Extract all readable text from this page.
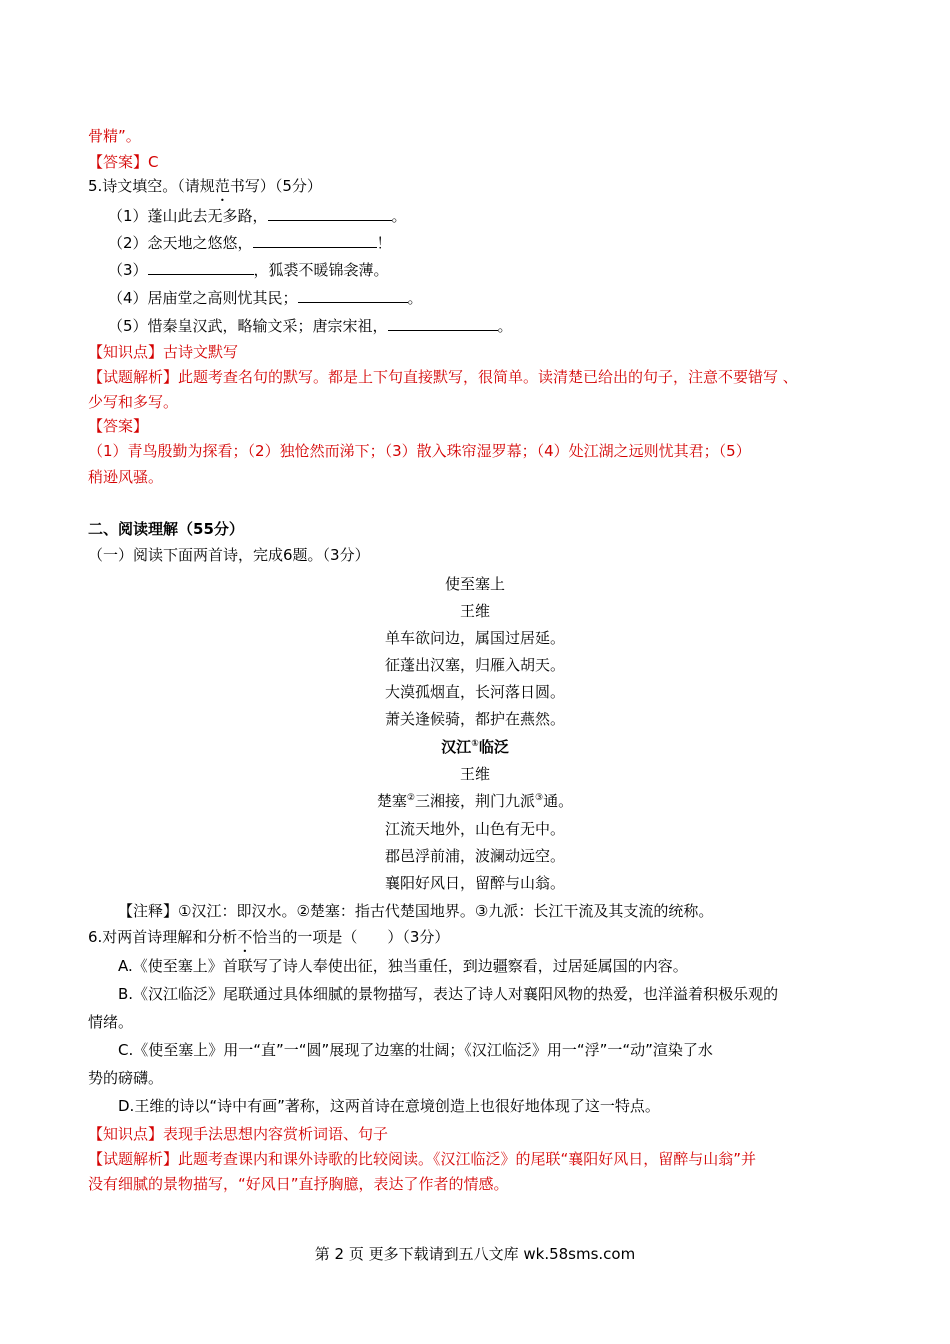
骨精”。
【答案】C
5.诗文填空。（请规范书写）（5分）
（1）蓬山此去无多路，	。
（2）念天地之悠悠，	！
（3）	，狐裘不暖锦衾薄。
（4）居庙堂之高则忧其民；	。
（5）惜秦皇汉武，略输文采；唐宗宋祖，	。
【知识点】古诗文默写
【试题解析】此题考查名句的默写。都是上下句直接默写，很简单。读清楚已给出的句子，注意不要错写 、
少写和多写。
【答案】
（1）青鸟殷勤为探看；（2）独怆然而涕下；（3）散入珠帘湿罗幕；（4）处江湖之远则忧其君；（5）
稍逊风骚。
二、阅读理解（55分）
（一）阅读下面两首诗，完成6题。（3分）
使至塞上
王维
单车欲问边，属国过居延。
征蓬出汉塞，归雁入胡天。
大漠孤烟直，长河落日圆。
萧关逢候骑，都护在燕然。
汉江①临泛
王维
楚塞②三湘接，荆门九派③通。
江流天地外，山色有无中。
郡邑浮前浦，波澜动远空。
襄阳好风日，留醉与山翁。
【注释】①汉江：即汉水。②楚塞：指古代楚国地界。③九派：长江干流及其支流的统称。
6.对两首诗理解和分析不恰当的一项是（　　）（3分）
A.《使至塞上》首联写了诗人奉使出征，独当重任，到边疆察看，过居延属国的内容。
B.《汉江临泛》尾联通过具体细腻的景物描写，表达了诗人对襄阳风物的热爱，也洋溢着积极乐观的
情绪。
C.《使至塞上》用一“直”一“圆”展现了边塞的壮阔；《汉江临泛》用一“浮”一“动”渲染了水
势的磅礴。
D.王维的诗以“诗中有画”著称，这两首诗在意境创造上也很好地体现了这一特点。
【知识点】表现手法思想内容赏析词语、句子
【试题解析】此题考查课内和课外诗歌的比较阅读。《汉江临泛》的尾联“襄阳好风日，留醉与山翁”并
没有细腻的景物描写，“好风日”直抒胸臆，表达了作者的情感。
第 2 页 更多下载请到五八文库 wk.58sms.com
